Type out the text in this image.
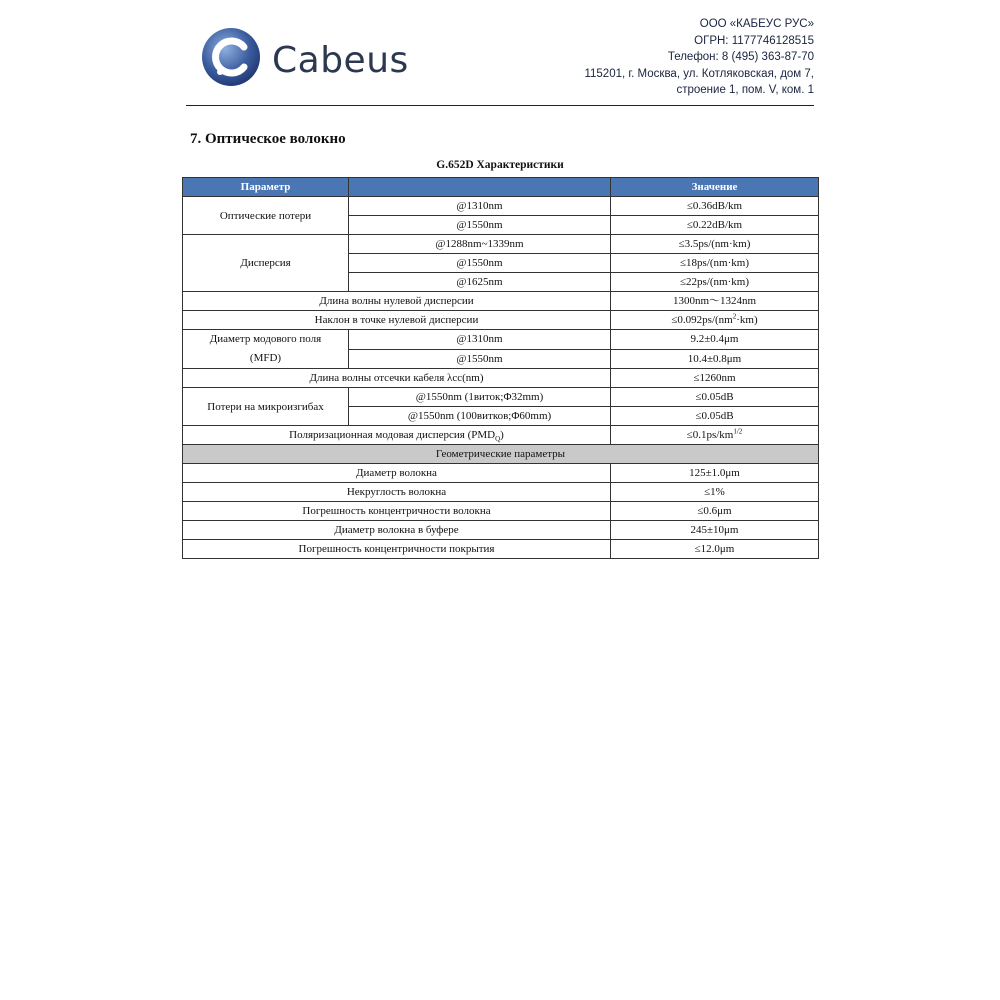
Cabeus
ООО «КАБЕУС РУС»
ОГРН: 1177746128515
Телефон: 8 (495) 363-87-70
115201, г. Москва, ул. Котляковская, дом 7,
строение 1, пом. V, ком. 1
7. Оптическое волокно
G.652D Характеристики
Параметр		Значение
Оптические потери	@1310nm	≤0.36dB/km
	@1550nm	≤0.22dB/km
Дисперсия	@1288nm~1339nm	≤3.5ps/(nm·km)
	@1550nm	≤18ps/(nm·km)
	@1625nm	≤22ps/(nm·km)
Длина волны нулевой дисперсии		1300nm～1324nm
Наклон в точке нулевой дисперсии		$\le 0.092ps/(nm^2\cdot km)$
Диаметр модового поля
(MFD)	@1310nm	9.2±0.4μm
	@1550nm	10.4±0.8μm
Длина волны отсечки кабеля λcc(nm)		≤1260nm
Потери на микроизгибах	@1550nm (1виток;Φ32mm)	≤0.05dB
	@1550nm (100витков;Φ60mm)	≤0.05dB
Поляризационная модовая дисперсия $(PMD_Q)$		$\le 0.1ps/km^{1/2}$
Геометрические параметры		
Диаметр волокна		125±1.0μm
Некруглость волокна		≤1%
Погрешность концентричности волокна		≤0.6μm
Диаметр волокна в буфере		245±10μm
Погрешность концентричности покрытия		≤12.0μm
